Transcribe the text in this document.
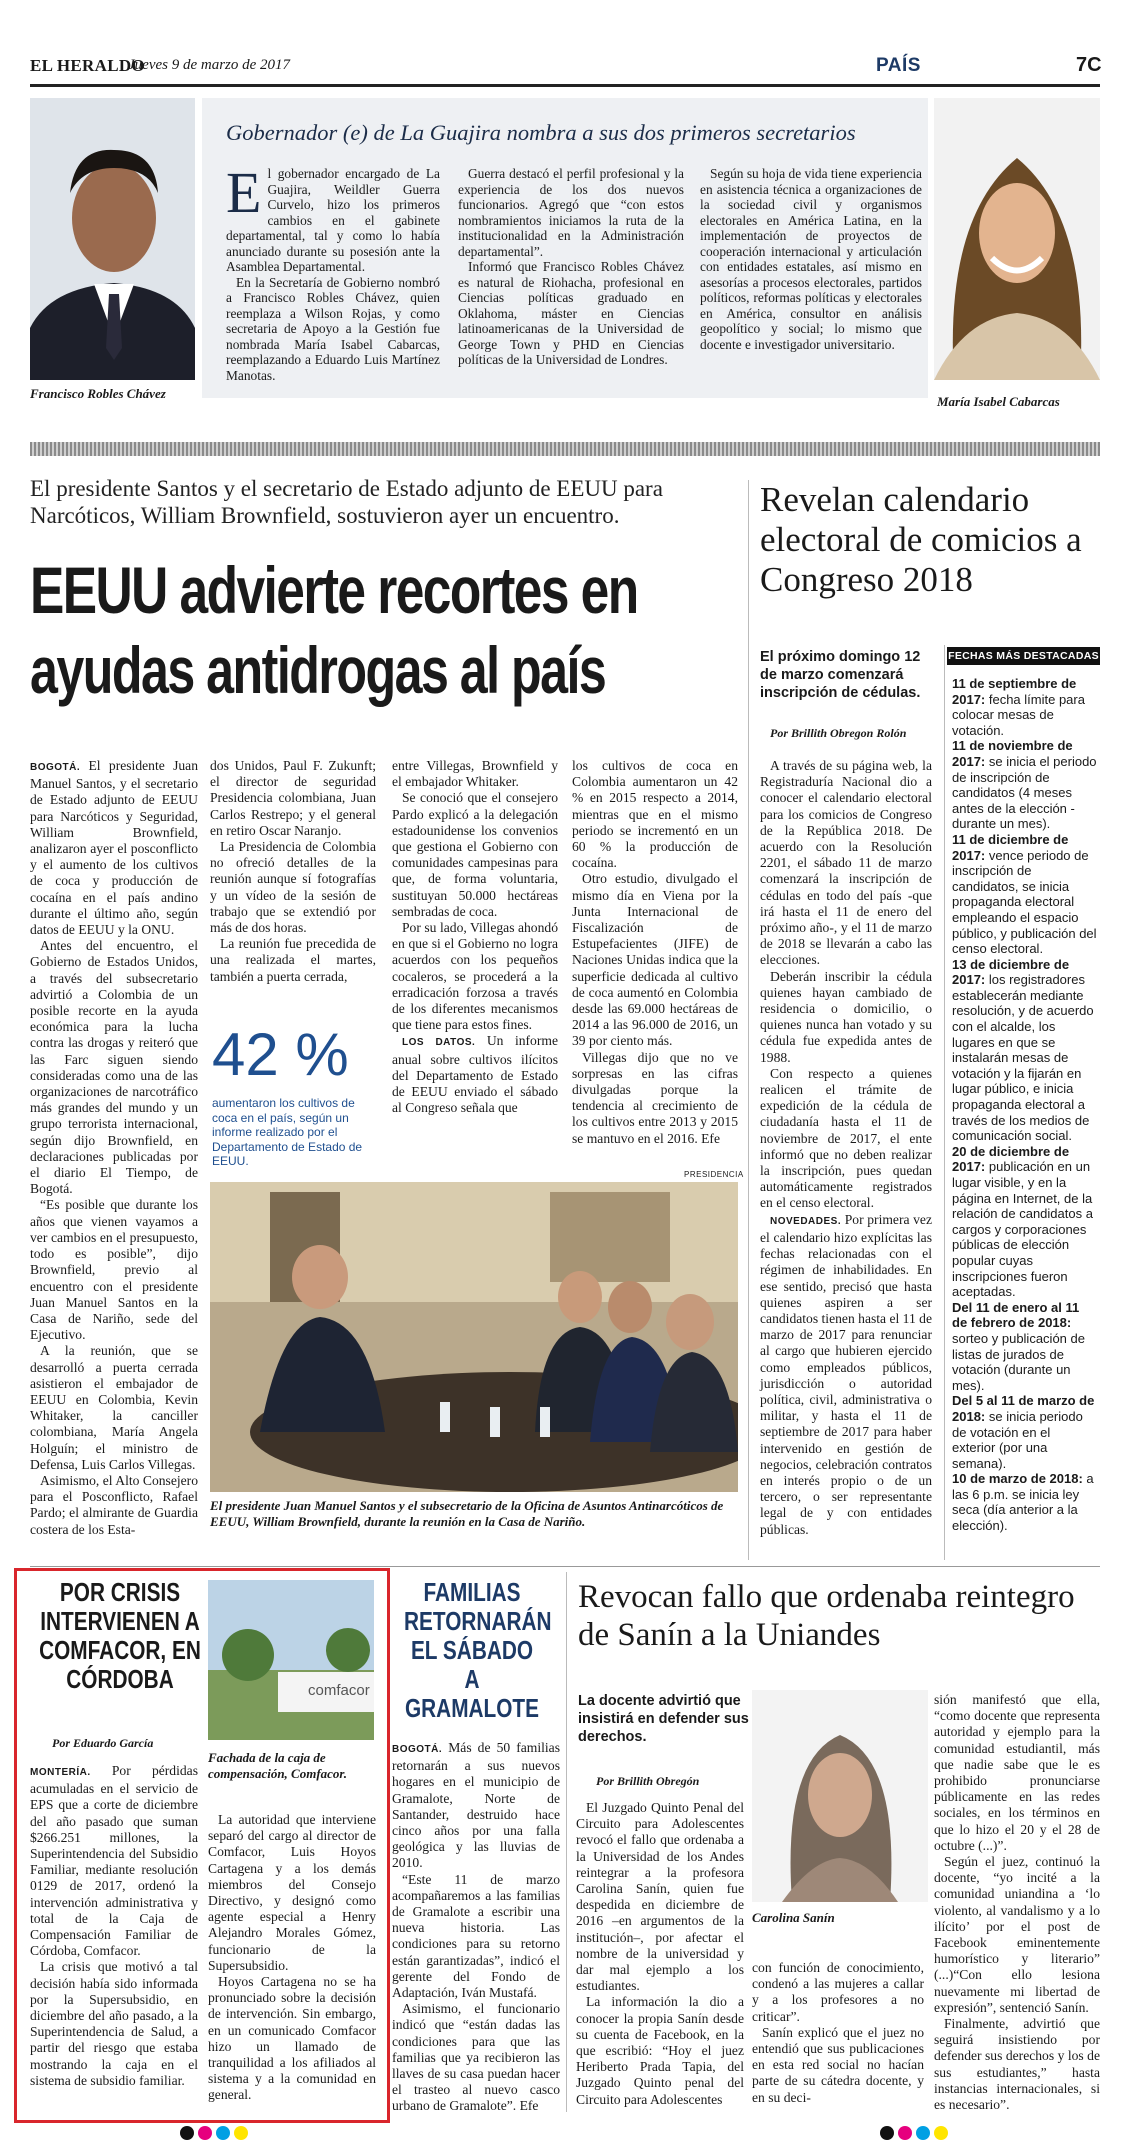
EL HERALDO
Jueves 9 de marzo de 2017	PAÍS	7C
Francisco Robles Chávez
María Isabel Cabarcas
Gobernador (e) de La Guajira nombra a sus dos primeros secretarios
E l gobernador encargado de La Guajira, Weildler Guerra Curvelo, hizo los primeros cambios en el gabinete departamental, tal y como lo había anunciado durante su posesión ante la Asamblea Departamental.

En la Secretaría de Gobierno nombró a Francisco Robles Chávez, quien reemplaza a Wilson Rojas, y como secretaria de Apoyo a la Gestión fue nombrada María Isabel Cabarcas, reemplazando a Eduardo Luis Martínez Manotas.

Guerra destacó el perfil profesional y la experiencia de los dos nuevos funcionarios. Agregó que “con estos nombramientos iniciamos la ruta de la institucionalidad en la Administración departamental”.

Informó que Francisco Robles Chávez es natural de Riohacha, profesional en Ciencias políticas graduado en Oklahoma, máster en Ciencias latinoamericanas de la Universidad de George Town y PHD en Ciencias políticas de la Universidad de Londres.

Según su hoja de vida tiene experiencia en asistencia técnica a organizaciones de la sociedad civil y organismos electorales en América Latina, en la implementación de proyectos de cooperación internacional y articulación con entidades estatales, así mismo en asesorías a procesos electorales, partidos políticos, reformas políticas y electorales en América, consultor en análisis geopolítico y social; lo mismo que docente e investigador universitario.

El presidente Santos y el secretario de Estado adjunto de EEUU para Narcóticos, William Brownfield, sostuvieron ayer un encuentro.
EEUU advierte recortes en
ayudas antidrogas al país

BOGOTÁ. El presidente Juan Manuel Santos, y el secretario de Estado adjunto de EEUU para Narcóticos y Seguridad, William Brownfield, analizaron ayer el posconflicto y el aumento de los cultivos de coca y producción de cocaína en el país andino durante el último año, según datos de EEUU y la ONU.

Antes del encuentro, el Gobierno de Estados Unidos, a través del subsecretario advirtió a Colombia de un posible recorte en la ayuda económica para la lucha contra las drogas y reiteró que las Farc siguen siendo consideradas como una de las organizaciones de narcotráfico más grandes del mundo y un grupo terrorista internacional, según dijo Brownfield, en declaraciones publicadas por el diario El Tiempo, de Bogotá.

“Es posible que durante los años que vienen vayamos a ver cambios en el presupuesto, todo es posible”, dijo Brownfield, previo al encuentro con el presidente Juan Manuel Santos en la Casa de Nariño, sede del Ejecutivo.

A la reunión, que se desarrolló a puerta cerrada asistieron el embajador de EEUU en Colombia, Kevin Whitaker, la canciller colombiana, María Angela Holguín; el ministro de Defensa, Luis Carlos Villegas.

Asimismo, el Alto Consejero para el Posconflicto, Rafael Pardo; el almirante de Guardia costera de los Esta-

dos Unidos, Paul F. Zukunft; el director de seguridad Presidencia colombiana, Juan Carlos Restrepo; y el general en retiro Oscar Naranjo.

La Presidencia de Colombia no ofreció detalles de la reunión aunque sí fotografías y un vídeo de la sesión de trabajo que se extendió por más de dos horas.

La reunión fue precedida de una realizada el martes, también a puerta cerrada,

42 %
aumentaron los cultivos de coca en el país, según un informe realizado por el Departamento de Estado de EEUU.

entre Villegas, Brownfield y el embajador Whitaker.

Se conoció que el consejero Pardo explicó a la delegación estadounidense los convenios que gestiona el Gobierno con comunidades campesinas para que, de forma voluntaria, sustituyan 50.000 hectáreas sembradas de coca.

Por su lado, Villegas ahondó en que si el Gobierno no logra acuerdos con los pequeños cocaleros, se procederá a la erradicación forzosa a través de los diferentes mecanismos que tiene para estos fines.

LOS DATOS. Un informe anual sobre cultivos ilícitos del Departamento de Estado de EEUU enviado el sábado al Congreso señala que

los cultivos de coca en Colombia aumentaron un 42 % en 2015 respecto a 2014, mientras que en el mismo periodo se incrementó en un 60 % la producción de cocaína.

Otro estudio, divulgado el mismo día en Viena por la Junta Internacional de Fiscalización de Estupefacientes (JIFE) de Naciones Unidas indica que la superficie dedicada al cultivo de coca aumentó en Colombia desde las 69.000 hectáreas de 2014 a las 96.000 de 2016, un 39 por ciento más.

Villegas dijo que no ve sorpresas en las cifras divulgadas porque la tendencia al crecimiento de los cultivos entre 2013 y 2015 se mantuvo en el 2016. Efe

PRESIDENCIA
El presidente Juan Manuel Santos y el subsecretario de la Oficina de Asuntos Antinarcóticos de EEUU, William Brownfield, durante la reunión en la Casa de Nariño.
Revelan calendario electoral de comicios a Congreso 2018
El próximo domingo 12 de marzo comenzará inscripción de cédulas.
Por Brillith Obregon Rolón

A través de su página web, la Registraduría Nacional dio a conocer el calendario electoral para los comicios de Congreso de la República 2018. De acuerdo con la Resolución 2201, el sábado 11 de marzo comenzará la inscripción de cédulas en todo del país -que irá hasta el 11 de enero del próximo año-, y el 11 de marzo de 2018 se llevarán a cabo las elecciones.

Deberán inscribir la cédula quienes hayan cambiado de residencia o domicilio, o quienes nunca han votado y su cédula fue expedida antes de 1988.

Con respecto a quienes realicen el trámite de expedición de la cédula de ciudadanía hasta el 11 de noviembre de 2017, el ente informó que no deben realizar la inscripción, pues quedan automáticamente registrados en el censo electoral.

NOVEDADES. Por primera vez el calendario hizo explícitas las fechas relacionadas con el régimen de inhabilidades. En ese sentido, precisó que hasta quienes aspiren a ser candidatos tienen hasta el 11 de marzo de 2017 para renunciar al cargo que hubieren ejercido como empleados públicos, jurisdicción o autoridad política, civil, administrativa o militar, y hasta el 11 de septiembre de 2017 para haber intervenido en gestión de negocios, celebración contratos en interés propio o de un tercero, o ser representante legal de y con entidades públicas.

FECHAS MÁS DESTACADAS

11 de septiembre de 2017: fecha límite para colocar mesas de votación.

11 de noviembre de 2017: se inicia el periodo de inscripción de candidatos (4 meses antes de la elección -durante un mes).

11 de diciembre de 2017: vence periodo de inscripción de candidatos, se inicia propaganda electoral empleando el espacio público, y publicación del censo electoral.

13 de diciembre de 2017: los registradores establecerán mediante resolución, y de acuerdo con el alcalde, los lugares en que se instalarán mesas de votación y la fijarán en lugar público, e inicia propaganda electoral a través de los medios de comunicación social.

20 de diciembre de 2017: publicación en un lugar visible, y en la página en Internet, de la relación de candidatos a cargos y corporaciones públicas de elección popular cuyas inscripciones fueron aceptadas.

Del 11 de enero al 11 de febrero de 2018: sorteo y publicación de listas de jurados de votación (durante un mes).

Del 5 al 11 de marzo de 2018: se inicia periodo de votación en el exterior (por una semana).

10 de marzo de 2018: a las 6 p.m. se inicia ley seca (día anterior a la elección).

POR CRISIS INTERVIENEN A COMFACOR, EN CÓRDOBA
Por Eduardo García
comfacor
Fachada de la caja de compensación, Comfacor.

MONTERÍA. Por pérdidas acumuladas en el servicio de EPS que a corte de diciembre del año pasado que suman $266.251 millones, la Superintendencia del Subsidio Familiar, mediante resolución 0129 de 2017, ordenó la intervención administrativa y total de la Caja de Compensación Familiar de Córdoba, Comfacor.

La crisis que motivó a tal decisión había sido informada por la Supersubsidio, en diciembre del año pasado, a la Superintendencia de Salud, a partir del riesgo que estaba mostrando la caja en el sistema de subsidio familiar.

La autoridad que interviene separó del cargo al director de Comfacor, Luis Hoyos Cartagena y a los demás miembros del Consejo Directivo, y designó como agente especial a Henry Alejandro Morales Gómez, funcionario de la Supersubsidio.

Hoyos Cartagena no se ha pronunciado sobre la decisión de intervención. Sin embargo, en un comunicado Comfacor hizo un llamado de tranquilidad a los afiliados al sistema y a la comunidad en general.

FAMILIAS RETORNARÁN EL SÁBADO A GRAMALOTE

BOGOTÁ. Más de 50 familias retornarán a sus nuevos hogares en el municipio de Gramalote, Norte de Santander, destruido hace cinco años por una falla geológica y las lluvias de 2010.

“Este 11 de marzo acompañaremos a las familias de Gramalote a escribir una nueva historia. Las condiciones para su retorno están garantizadas”, indicó el gerente del Fondo de Adaptación, Iván Mustafá.

Asimismo, el funcionario indicó que “están dadas las condiciones para que las familias que ya recibieron las llaves de su casa puedan hacer el trasteo al nuevo casco urbano de Gramalote”. Efe

Revocan fallo que ordenaba reintegro de Sanín a la Uniandes
La docente advirtió que insistirá en defender sus derechos.
Por Brillith Obregón
Carolina Sanín

El Juzgado Quinto Penal del Circuito para Adolescentes revocó el fallo que ordenaba a la Universidad de los Andes reintegrar a la profesora Carolina Sanín, quien fue despedida en diciembre de 2016 –en argumentos de la institución–, por afectar el nombre de la universidad y dar mal ejemplo a los estudiantes.

La información la dio a conocer la propia Sanín desde su cuenta de Facebook, en la que escribió: “Hoy el juez Heriberto Prada Tapia, del Juzgado Quinto penal del Circuito para Adolescentes

con función de conocimiento, condenó a las mujeres a callar y a los profesores a no criticar”.

Sanín explicó que el juez no entendió que sus publicaciones en esta red social no hacían parte de su cátedra docente, y en su deci-

sión manifestó que ella, “como docente que representa autoridad y ejemplo para la comunidad estudiantil, más que nadie sabe que le es prohibido pronunciarse públicamente en las redes sociales, en los términos en que lo hizo el 20 y el 28 de octubre (...)”.

Según el juez, continuó la docente, “yo incité a la comunidad uniandina a ‘lo violento, al vandalismo y a lo ilícito’ por el post de Facebook eminentemente humorístico y literario” (...)“Con ello lesiona nuevamente mi libertad de expresión”, sentenció Sanín.

Finalmente, advirtió que seguirá insistiendo por defender sus derechos y los de sus estudiantes,” hasta instancias internacionales, si es necesario”.
